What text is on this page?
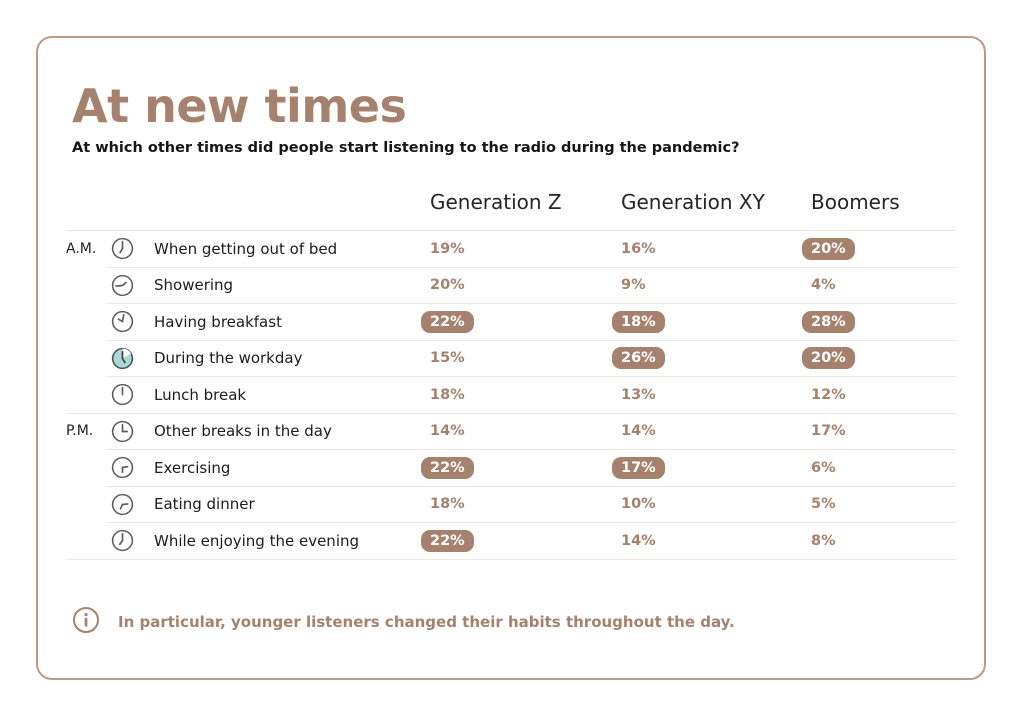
At new times

At which other times did people start listening to the radio during the pandemic?

Generation Z	Generation XY	Boomers
A.M.	When getting out of bed	19%	16%	20%
Showering	20%	9%	4%
Having breakfast	22%	18%	28%
During the workday	15%	26%	20%
Lunch break	18%	13%	12%
P.M.	Other breaks in the day	14%	14%	17%
Exercising	22%	17%	6%
Eating dinner	18%	10%	5%
While enjoying the evening	22%	14%	8%
In particular, younger listeners changed their habits throughout the day.
